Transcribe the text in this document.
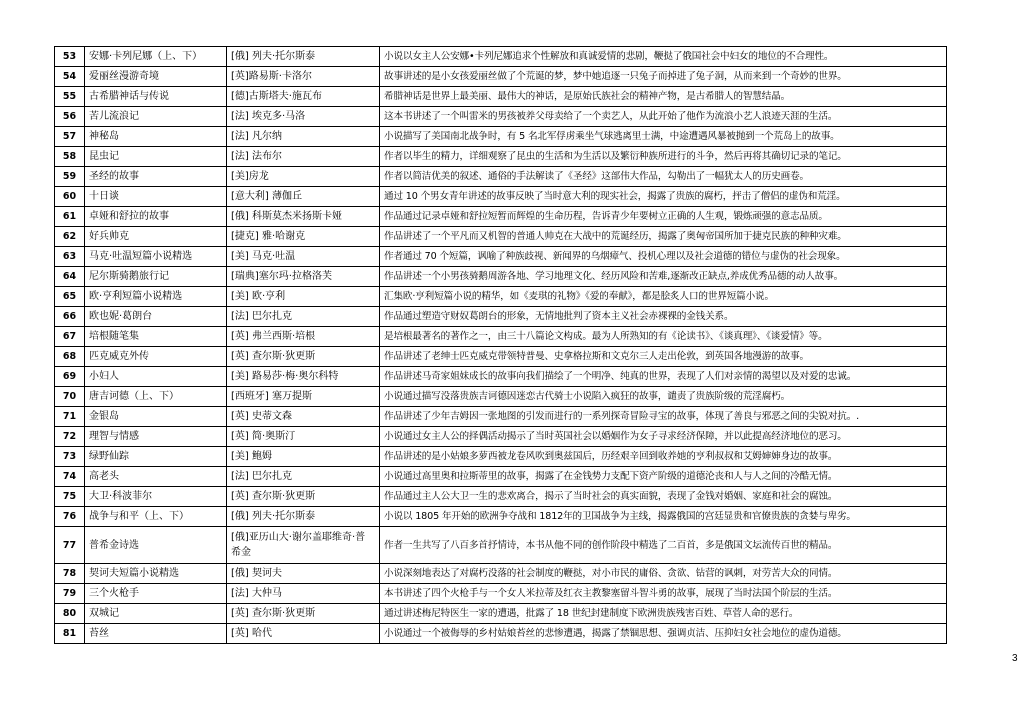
53	安娜·卡列尼娜（上、下）	[俄] 列夫·托尔斯泰	小说以女主人公安娜•卡列尼娜追求个性解放和真诚爱情的悲剧，鞭挞了俄国社会中妇女的地位的不合理性。
54	爱丽丝漫游奇境	[英]路易斯·卡洛尔	故事讲述的是小女孩爱丽丝做了个荒诞的梦，梦中她追逐一只兔子而掉进了兔子洞，从而来到一个奇妙的世界。
55	古希腊神话与传说	[德]古斯塔夫·施瓦布	希腊神话是世界上最美丽、最伟大的神话，是原始氏族社会的精神产物，是古希腊人的智慧结晶。
56	苦儿流浪记	[法] 埃克多·马洛	这本书讲述了一个叫雷米的男孩被养父母卖给了一个卖艺人，从此开始了他作为流浪小艺人浪迹天涯的生活。
57	神秘岛	[法] 凡尔纳	小说描写了美国南北战争时，有 5 名北军俘虏乘坐气球逃离里士满，中途遭遇风暴被抛到一个荒岛上的故事。
58	昆虫记	[法] 法布尔	作者以毕生的精力，详细观察了昆虫的生活和为生活以及繁衍种族所进行的斗争，然后再将其确切记录的笔记。
59	圣经的故事	[美]房龙	作者以简洁优美的叙述、通俗的手法解读了《圣经》这部伟大作品，勾勒出了一幅犹太人的历史画卷。
60	十日谈	[意大利] 薄伽丘	通过 10 个男女青年讲述的故事反映了当时意大利的现实社会，揭露了贵族的腐朽，抨击了僧侣的虚伪和荒淫。
61	卓娅和舒拉的故事	[俄] 科斯莫杰米扬斯卡娅	作品通过记录卓娅和舒拉短暂而辉煌的生命历程，告诉青少年要树立正确的人生观，锻炼顽强的意志品质。
62	好兵帅克	[捷克] 雅·哈谢克	作品讲述了一个平凡而又机智的普通人帅克在大战中的荒诞经历，揭露了奥匈帝国所加于捷克民族的种种灾难。
63	马克·吐温短篇小说精选	[美] 马克·吐温	作者通过 70 个短篇，讽喻了种族歧视、新闻界的乌烟瘴气、投机心理以及社会道德的错位与虚伪的社会现象。
64	尼尔斯骑鹅旅行记	[瑞典]塞尔玛·拉格洛芙	作品讲述一个小男孩骑鹅周游各地、学习地理文化、经历风险和苦难,逐渐改正缺点,养成优秀品德的动人故事。
65	欧·亨利短篇小说精选	[美] 欧·亨利	汇集欧·亨利短篇小说的精华，如《麦琪的礼物》《爱的奉献》，都是脍炙人口的世界短篇小说。
66	欧也妮·葛朗台	[法] 巴尔扎克	作品通过塑造守财奴葛朗台的形象，无情地批判了资本主义社会赤裸裸的金钱关系。
67	培根随笔集	[英] 弗兰西斯·培根	是培根最著名的著作之一，由三十八篇论文构成。最为人所熟知的有《论读书》、《谈真理》、《谈爱情》等。
68	匹克威克外传	[英] 查尔斯·狄更斯	作品讲述了老绅士匹克威克带领特普曼、史拿格拉斯和文克尔三人走出伦敦，到英国各地漫游的故事。
69	小妇人	[美] 路易莎·梅·奥尔科特	作品讲述马奇家姐妹成长的故事向我们描绘了一个明净、纯真的世界，表现了人们对亲情的渴望以及对爱的忠诚。
70	唐吉诃德（上、下）	[西班牙] 塞万提斯	小说通过描写没落贵族吉诃德因迷恋古代骑士小说陷入疯狂的故事，谴责了贵族阶级的荒淫腐朽。
71	金银岛	[英] 史蒂文森	作品讲述了少年吉姆因一张地图的引发而进行的一系列探奇冒险寻宝的故事，体现了善良与邪恶之间的尖锐对抗。.
72	理智与情感	[英] 简·奥斯汀	小说通过女主人公的择偶活动揭示了当时英国社会以婚姻作为女子寻求经济保障，并以此提高经济地位的恶习。
73	绿野仙踪	[美] 鲍姆	作品讲述的是小姑娘多萝西被龙卷风吹到奥兹国后，历经艰辛回到收养她的亨利叔叔和艾姆婶婶身边的故事。
74	高老头	[法] 巴尔扎克	小说通过高里奥和拉斯蒂里的故事，揭露了在金钱势力支配下资产阶级的道德沦丧和人与人之间的冷酷无情。
75	大卫·科波菲尔	[英] 查尔斯·狄更斯	作品通过主人公大卫一生的悲欢离合，揭示了当时社会的真实面貌，表现了金钱对婚姻、家庭和社会的腐蚀。
76	战争与和平（上、下）	[俄] 列夫·托尔斯泰	小说以 1805 年开始的欧洲争夺战和 1812年的卫国战争为主线，揭露俄国的宫廷显贵和官僚贵族的贪婪与卑劣。
77	普希金诗选	[俄]亚历山大·谢尔盖耶维奇·普希金	作者一生共写了八百多首抒情诗，本书从他不同的创作阶段中精选了二百首，多是俄国文坛流传百世的精品。
78	契诃夫短篇小说精选	[俄] 契诃夫	小说深刻地表达了对腐朽没落的社会制度的鞭挞，对小市民的庸俗、贪欲、钻营的讽刺，对劳苦大众的同情。
79	三个火枪手	[法] 大仲马	本书讲述了四个火枪手与一个女人米拉蒂及红衣主教黎塞留斗智斗勇的故事，展现了当时法国个阶层的生活。
80	双城记	[英] 查尔斯·狄更斯	通过讲述梅尼特医生一家的遭遇，批露了 18 世纪封建制度下欧洲贵族残害百姓、草菅人命的恶行。
81	苔丝	[英] 哈代	小说通过一个被侮辱的乡村姑娘苔丝的悲惨遭遇，揭露了禁锢思想、强调贞洁、压抑妇女社会地位的虚伪道德。
3
